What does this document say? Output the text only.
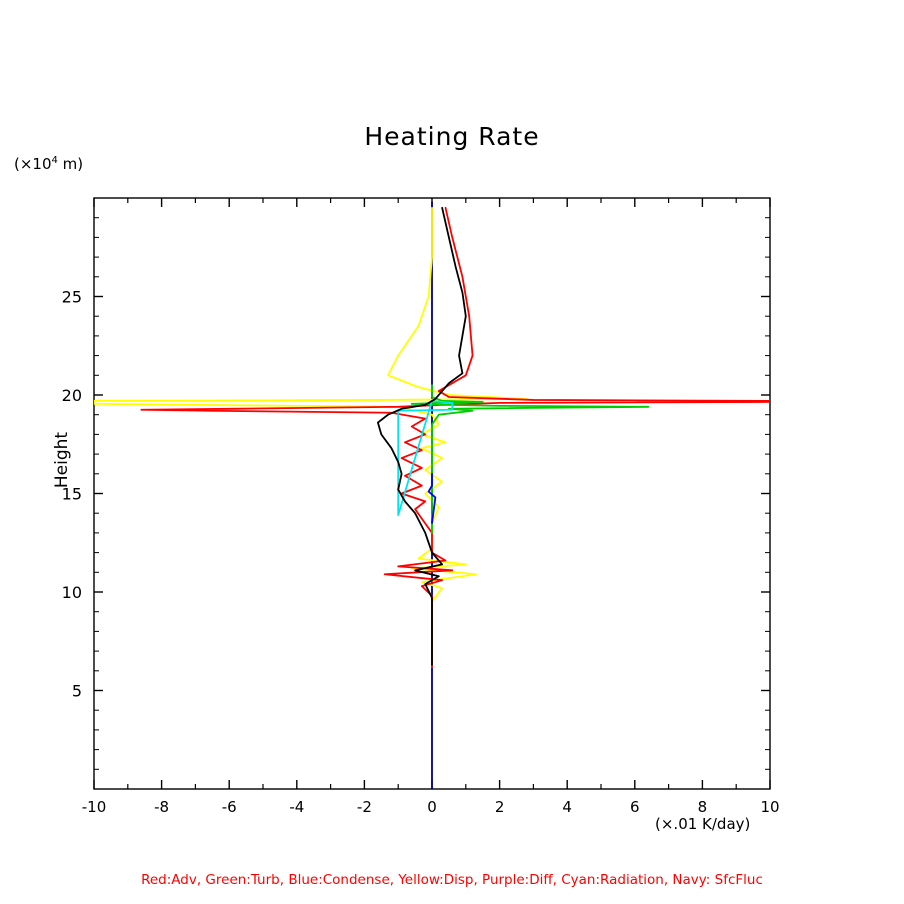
Heating Rate
($\times 10^4$ m)
Height
(×.01 K/day)
-10	-8	-6	-4	-2	0	2	4	6	8	10
5
10
15
20
25
Red:Adv, Green:Turb, Blue:Condense, Yellow:Disp, Purple:Diff, Cyan:Radiation, Navy: SfcFluc
